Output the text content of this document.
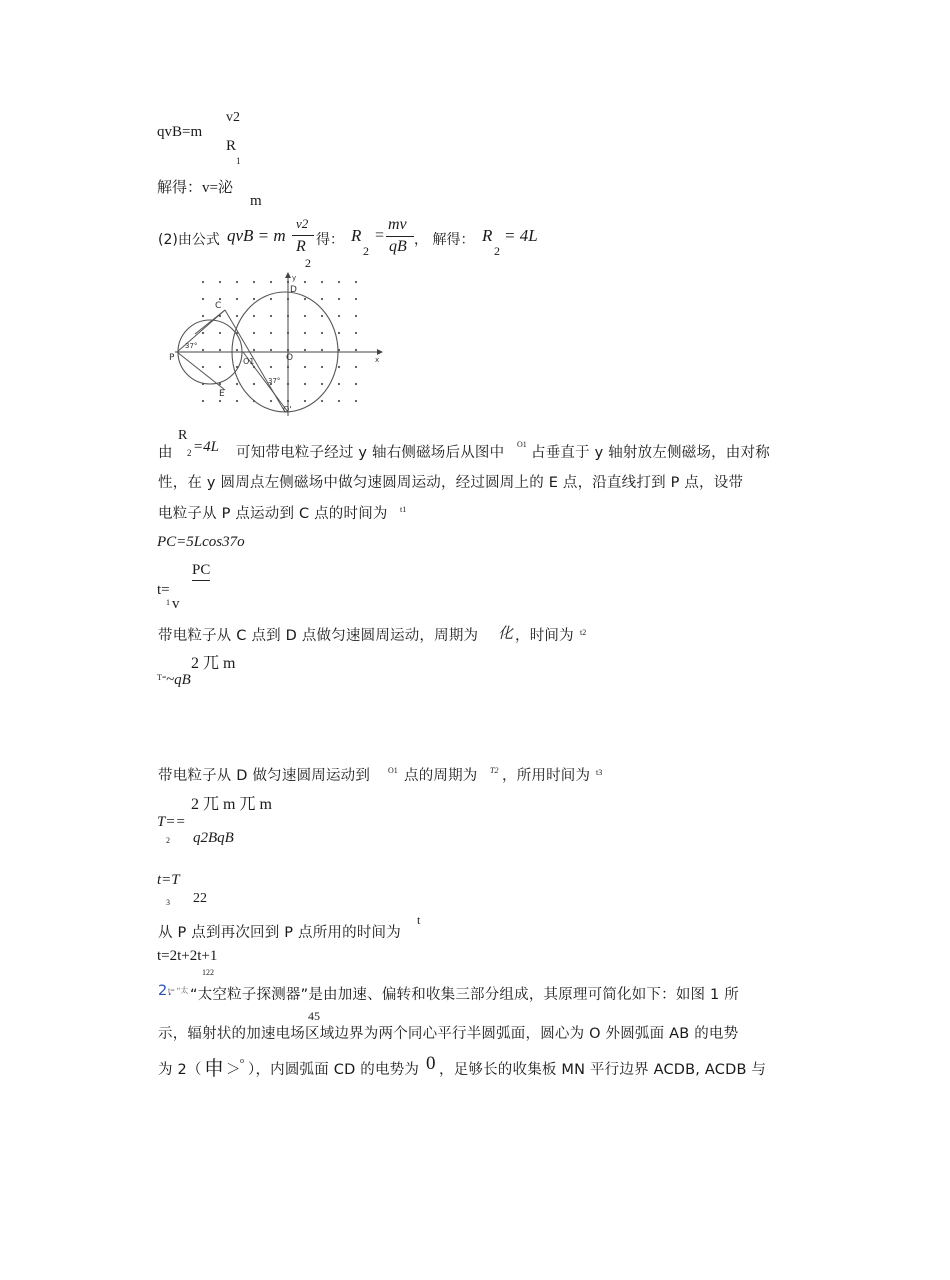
qvB=m
v2
R
1
解得：v=泌
m
(2)由公式 qvB = m
v2
R
2
得： R
2
=
mv
qB ， 解得： R
2
= 4L
C
D
P	O
O1
E
O'
y
x
37°
37°
由
R
2 =4L 可知带电粒子经过 y 轴右侧磁场后从图中
O1
占垂直于 y 轴射放左侧磁场，由对称
性，在 y 圆周点左侧磁场中做匀速圆周运动，经过圆周上的 E 点，沿直线打到 P 点，设带
电粒子从 P 点运动到 C 点的时间为 t1
PC=5Lcos37o
PC
t=
1 v
带电粒子从 C 点到 D 点做匀速圆周运动，周期为 化 ，时间为 t2
2 兀 m
T= ~qB
带电粒子从 D 做匀速圆周运动到 O1 点的周期为 T2 ，所用时间为 t3
2 兀 m 兀 m
T==
2 q2BqB
t=T
3 22
从 P 点到再次回到 P 点所用的时间为
t
t=2t+2t+1
122
2.
t= “太 “太空粒子探测器”是由加速、偏转和收集三部分组成，其原理可简化如下：如图 1 所
45
示，辐射状的加速电场区域边界为两个同心平行半圆弧面，圆心为 O 外圆弧面 AB 的电势
为 2（ 申 ＞
o
），内圆弧面 CD 的电势为 0 ，足够长的收集板 MN 平行边界 ACDB, ACDB 与
